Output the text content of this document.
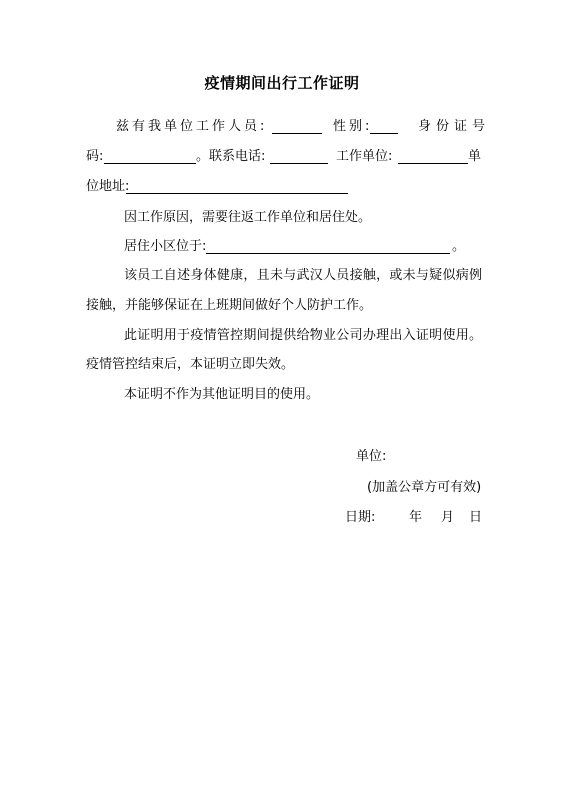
疫情期间出行工作证明
兹有我单位工作人员:	性别:	身份证号
码:	。联系电话:	工作单位:	单
位地址:
因工作原因，需要往返工作单位和居住处。
居住小区位于:	。
该员工自述身体健康，且未与武汉人员接触，或未与疑似病例
接触，并能够保证在上班期间做好个人防护工作。
此证明用于疫情管控期间提供给物业公司办理出入证明使用。
疫情管控结束后，本证明立即失效。
本证明不作为其他证明目的使用。
单位:
(加盖公章方可有效)
日期:	年 月 日
